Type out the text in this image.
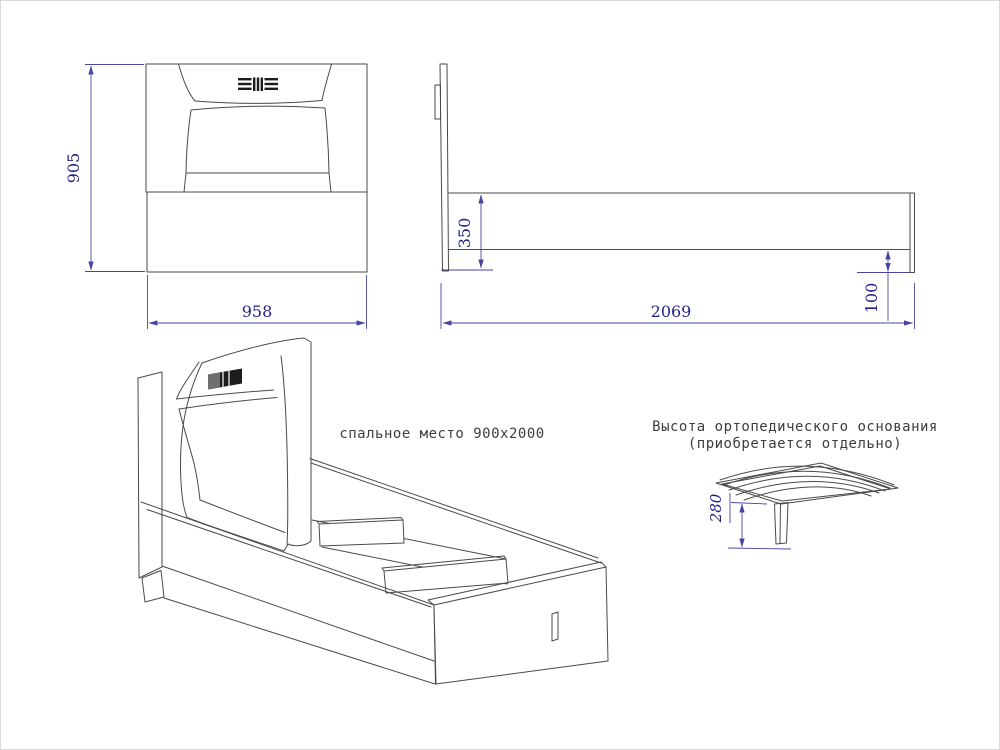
905
958
350
100
2069
280
спальное место 900x2000	Высота ортопедического основания
(приобретается отдельно)
